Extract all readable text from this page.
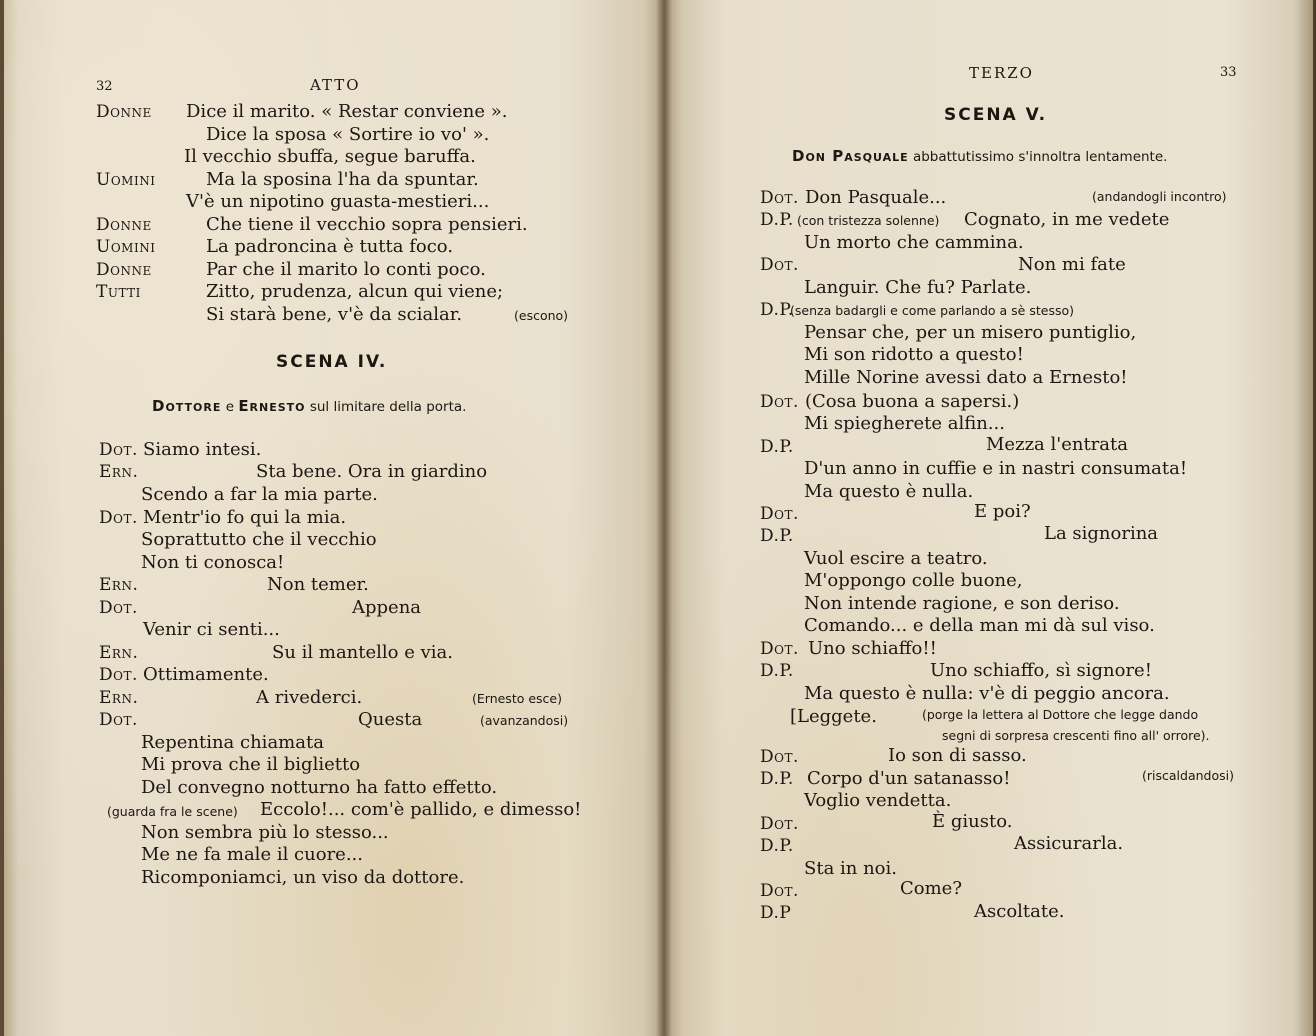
32	ATTO
Donne Dice il marito. « Restar conviene ».
Dice la sposa « Sortire io vo' ».
Il vecchio sbuffa, segue baruffa.
Uomini	Ma la sposina l'ha da spuntar.
V'è un nipotino guasta-mestieri...
Donne	Che tiene il vecchio sopra pensieri.
Uomini	La padroncina è tutta foco.
Donne	Par che il marito lo conti poco.
Tutti	Zitto, prudenza, alcun qui viene;
Si starà bene, v'è da scialar.	(escono)
SCENA IV.
Dottore e Ernesto sul limitare della porta.
Dot. Siamo intesi.
Ern.	Sta bene. Ora in giardino
Scendo a far la mia parte.
Dot. Mentr'io fo qui la mia.
Soprattutto che il vecchio
Non ti conosca!
Ern.	Non temer.
Dot.	Appena
Venir ci senti...
Ern.	Su il mantello e via.
Dot. Ottimamente.
Ern.	A rivederci.	(Ernesto esce)
Dot.	Questa	(avanzandosi)
Repentina chiamata
Mi prova che il biglietto
Del convegno notturno ha fatto effetto.
(guarda fra le scene) Eccolo!... com'è pallido, e dimesso!
Non sembra più lo stesso...
Me ne fa male il cuore...
Ricomponiamci, un viso da dottore.
TERZO	33
SCENA V.
Don Pasquale abbattutissimo s'innoltra lentamente.
Dot. Don Pasquale...	(andandogli incontro)
D.P. (con tristezza solenne) Cognato, in me vedete
Un morto che cammina.
Dot.	Non mi fate
Languir. Che fu? Parlate.
D.P.
(senza badargli e come parlando a sè stesso)
Pensar che, per un misero puntiglio,
Mi son ridotto a questo!
Mille Norine avessi dato a Ernesto!
Dot. (Cosa buona a sapersi.)
Mi spiegherete alfin...
D.P.	Mezza l'entrata
D'un anno in cuffie e in nastri consumata!
Ma questo è nulla.
Dot.	E poi?
D.P.	La signorina
Vuol escire a teatro.
M'oppongo colle buone,
Non intende ragione, e son deriso.
Comando... e della man mi dà sul viso.
Dot. Uno schiaffo!!
D.P.	Uno schiaffo, sì signore!
Ma questo è nulla: v'è di peggio ancora.
[Leggete.	(porge la lettera al Dottore che legge dando
segni di sorpresa crescenti fino all' orrore).
Dot.	Io son di sasso.
D.P. Corpo d'un satanasso!	(riscaldandosi)
Voglio vendetta.
Dot.	È giusto.
D.P.	Assicurarla.
Sta in noi.
Dot.	Come?
D.P	Ascoltate.
